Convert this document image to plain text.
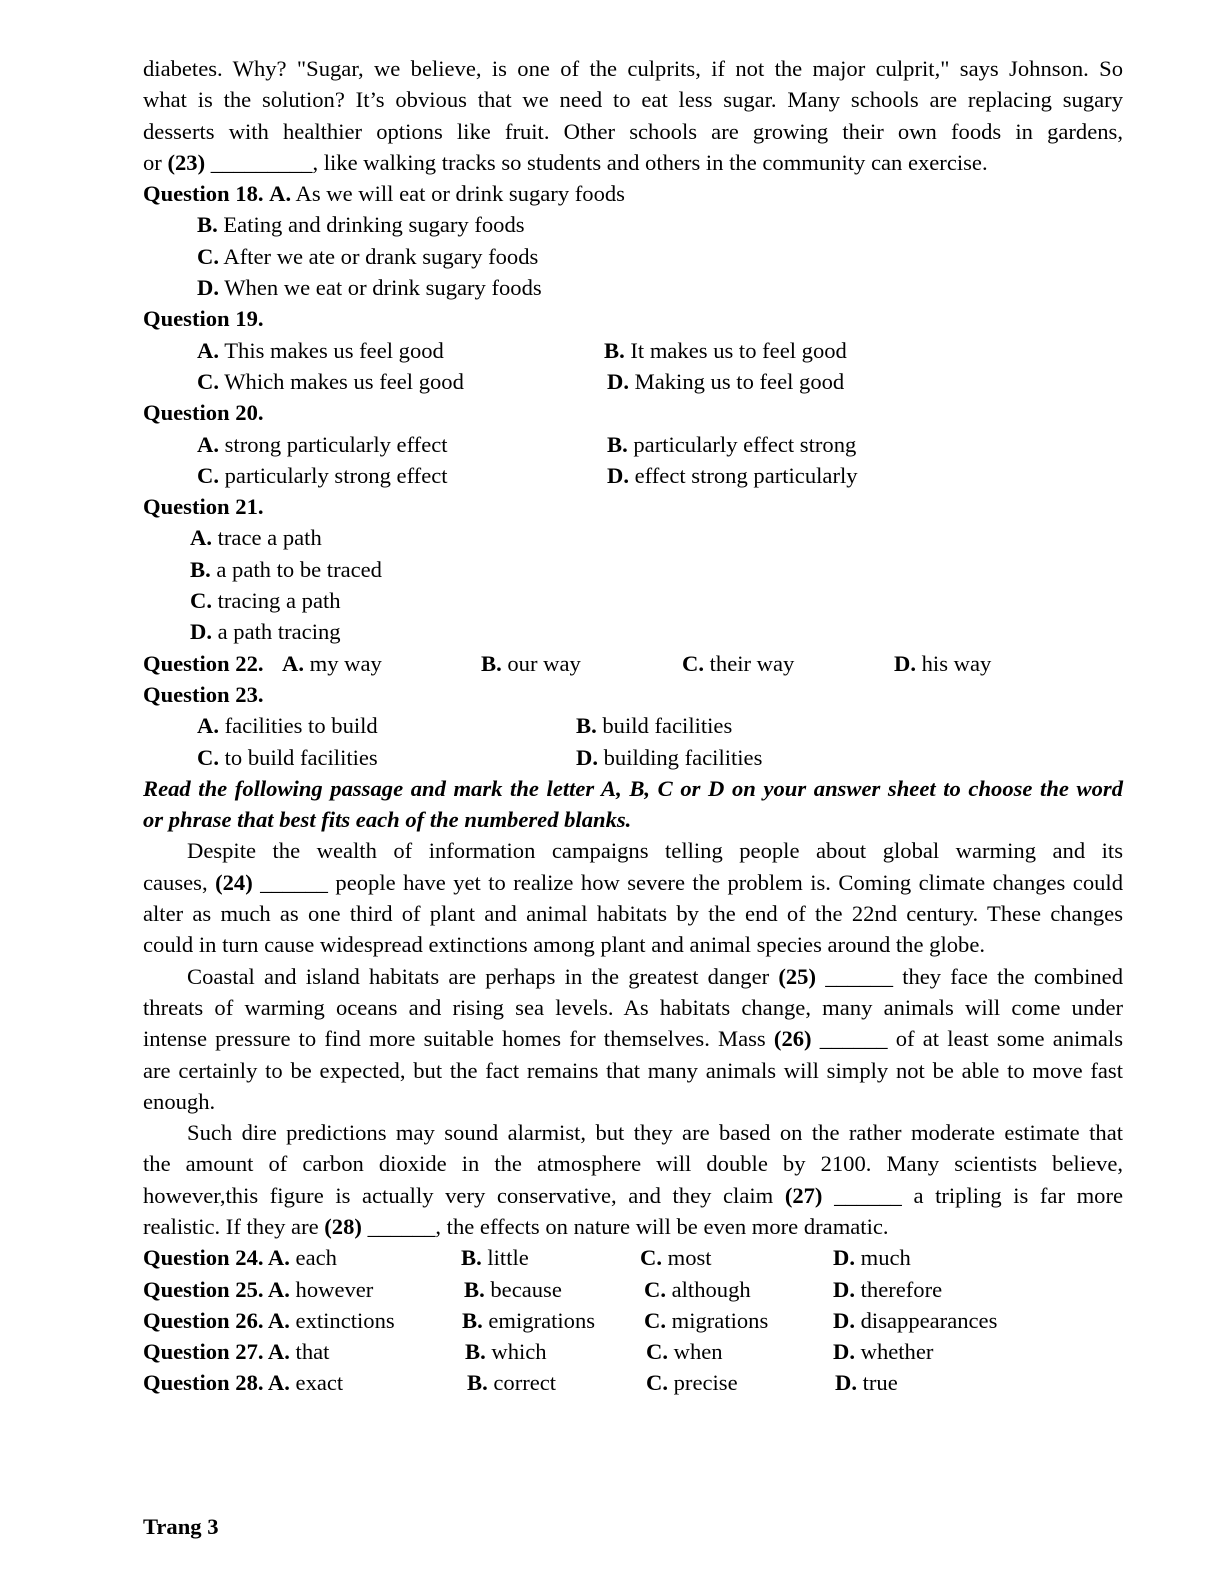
diabetes. Why? "Sugar, we believe, is one of the culprits, if not the major culprit," says Johnson. So
what is the solution? It’s obvious that we need to eat less sugar. Many schools are replacing sugary
desserts with healthier options like fruit. Other schools are growing their own foods in gardens,
or (23) _________, like walking tracks so students and others in the community can exercise.
Question 18. A. As we will eat or drink sugary foods
B. Eating and drinking sugary foods
C. After we ate or drank sugary foods
D. When we eat or drink sugary foods
Question 19.
A. This makes us feel good	B. It makes us to feel good

C. Which makes us feel good	D. Making us to feel good

Question 20.
A. strong particularly effect	B. particularly effect strong

C. particularly strong effect	D. effect strong particularly

Question 21.
A. trace a path
B. a path to be traced
C. tracing a path
D. a path tracing
Question 22. A. my way	B. our way	C. their way	D. his way
Question 23.
A. facilities to build	B. build facilities

C. to build facilities	D. building facilities

Read the following passage and mark the letter A, B, C or D on your answer sheet to choose the word
or phrase that best fits each of the numbered blanks.
Despite the wealth of information campaigns telling people about global warming and its
causes, (24) ______ people have yet to realize how severe the problem is. Coming climate changes could
alter as much as one third of plant and animal habitats by the end of the 22nd century. These changes
could in turn cause widespread extinctions among plant and animal species around the globe.
Coastal and island habitats are perhaps in the greatest danger (25) ______ they face the combined
threats of warming oceans and rising sea levels. As habitats change, many animals will come under
intense pressure to find more suitable homes for themselves. Mass (26) ______ of at least some animals
are certainly to be expected, but the fact remains that many animals will simply not be able to move fast
enough.
Such dire predictions may sound alarmist, but they are based on the rather moderate estimate that
the amount of carbon dioxide in the atmosphere will double by 2100. Many scientists believe,
however,this figure is actually very conservative, and they claim (27) ______ a tripling is far more
realistic. If they are (28) ______, the effects on nature will be even more dramatic.
Question 24. A. each	B. little	C. most	D. much
Question 25. A. however	B. because	C. although	D. therefore
Question 26. A. extinctions	B. emigrations C. migrations	D. disappearances
Question 27. A. that	B. which	C. when	D. whether
Question 28. A. exact	B. correct	C. precise	D. true
Trang 3
